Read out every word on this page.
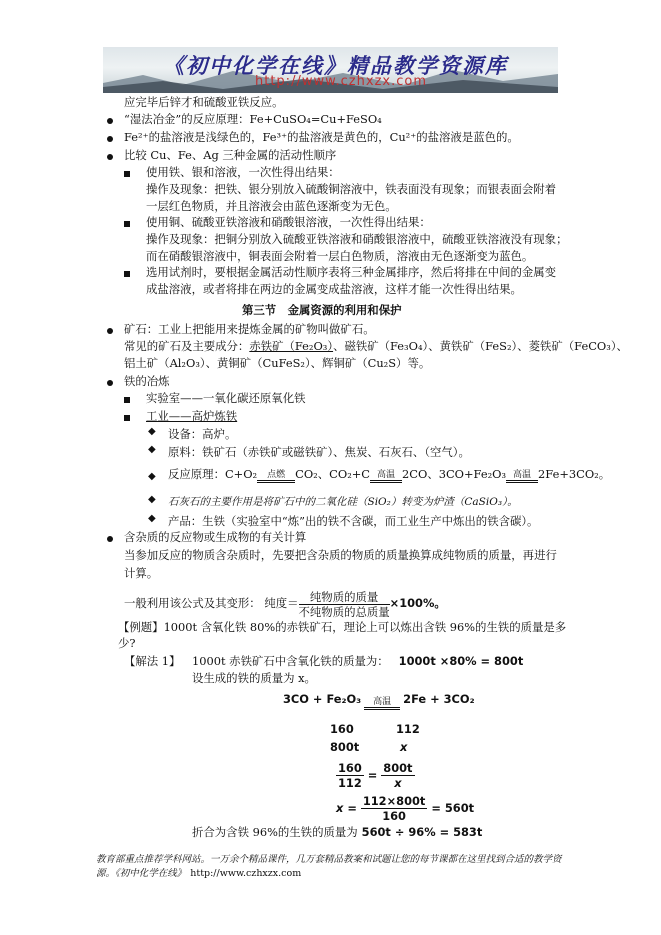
《初中化学在线》精品教学资源库
http://www.czhxzx.com
应完毕后锌才和硫酸亚铁反应。
“湿法冶金”的反应原理：Fe+CuSO₄=Cu+FeSO₄
Fe²⁺的盐溶液是浅绿色的，Fe³⁺的盐溶液是黄色的，Cu²⁺的盐溶液是蓝色的。
比较 Cu、Fe、Ag 三种金属的活动性顺序
使用铁、银和溶液，一次性得出结果：
操作及现象：把铁、银分别放入硫酸铜溶液中，铁表面没有现象；而银表面会附着
一层红色物质，并且溶液会由蓝色逐渐变为无色。
使用铜、硫酸亚铁溶液和硝酸银溶液，一次性得出结果：
操作及现象：把铜分别放入硫酸亚铁溶液和硝酸银溶液中，硫酸亚铁溶液没有现象；
而在硝酸银溶液中，铜表面会附着一层白色物质，溶液由无色逐渐变为蓝色。
选用试剂时，要根据金属活动性顺序表将三种金属排序，然后将排在中间的金属变
成盐溶液，或者将排在两边的金属变成盐溶液，这样才能一次性得出结果。
第三节　金属资源的利用和保护
矿石：工业上把能用来提炼金属的矿物叫做矿石。
常见的矿石及主要成分：赤铁矿（Fe₂O₃）、磁铁矿（Fe₃O₄）、黄铁矿（FeS₂）、菱铁矿（FeCO₃）、
铝土矿（Al₂O₃）、黄铜矿（CuFeS₂）、辉铜矿（Cu₂S）等。
铁的冶炼
实验室——一氧化碳还原氧化铁
工业——高炉炼铁
◆ 设备：高炉。
◆ 原料：铁矿石（赤铁矿或磁铁矿）、焦炭、石灰石、（空气）。
◆ 反应原理：C+O₂	点燃 CO₂、CO₂+C 高温 2CO、3CO+Fe₂O₃ 高温 2Fe+3CO₂。
◆ 石灰石的主要作用是将矿石中的二氧化硅（SiO₂）转变为炉渣（CaSiO₃）。
◆ 产品：生铁（实验室中“炼”出的铁不含碳，而工业生产中炼出的铁含碳）。
含杂质的反应物或生成物的有关计算
当参加反应的物质含杂质时，先要把含杂质的物质的质量换算成纯物质的质量，再进行
计算。
一般利用该公式及其变形： 纯度＝ $\frac{\text{纯物质的质量}}{\text{不纯物质的总质量}} \times 100\%$。
【例题】1000t 含氧化铁 80%的赤铁矿石，理论上可以炼出含铁 96%的生铁的质量是多
少?
【解法 1】 1000t 赤铁矿石中含氧化铁的质量为： 1000t ×80% = 800t
设生成的铁的质量为 x。
3CO + Fe₂O₃	高温	2Fe + 3CO₂
160	112
800t	x
$\frac{160}{112} = \frac{800t}{x}$
$x = \frac{112\times 800t}{160} = 560t$
折合为含铁 96%的生铁的质量为 560t ÷ 96% = 583t
教育部重点推荐学科网站。一万余个精品课件，几万套精品教案和试题让您的每节课都在这里找到合适的教学资源。《初中化学在线》 http://www.czhxzx.com
